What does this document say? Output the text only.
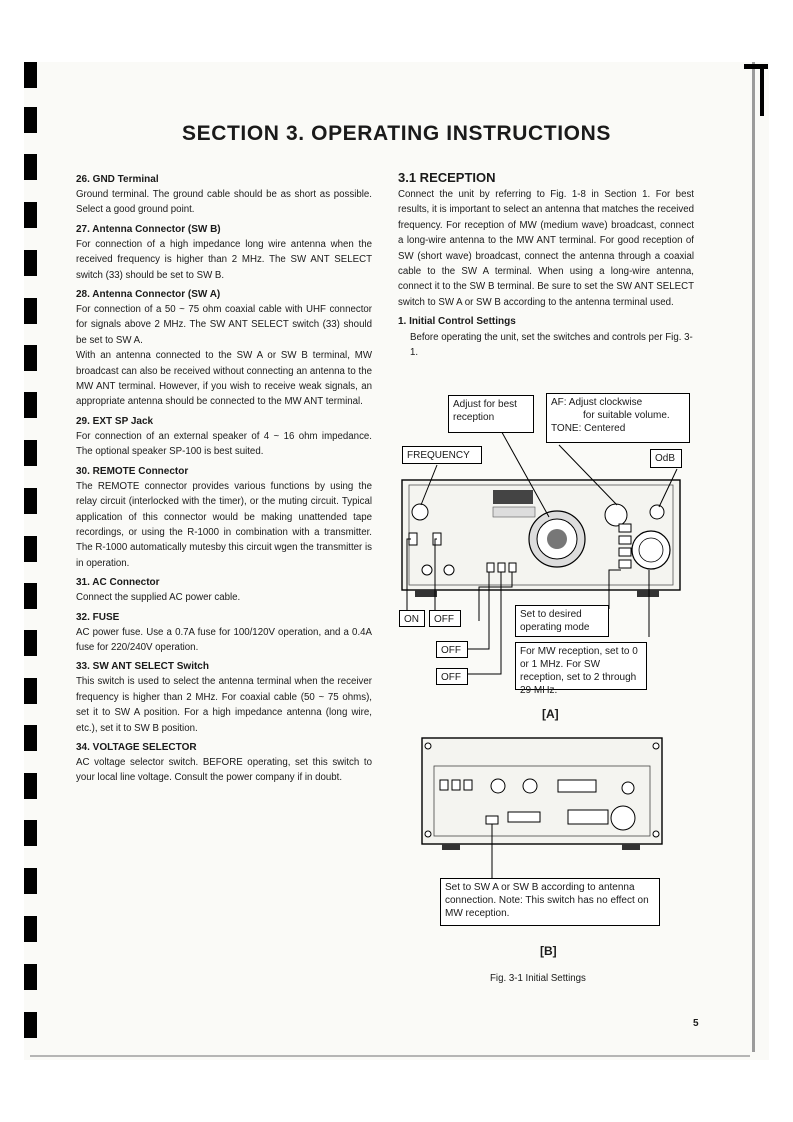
SECTION 3. OPERATING INSTRUCTIONS
26. GND Terminal

Ground terminal. The ground cable should be as short as possible. Select a good ground point.

27. Antenna Connector (SW B)

For connection of a high impedance long wire antenna when the received frequency is higher than 2 MHz. The SW ANT SELECT switch (33) should be set to SW B.

28. Antenna Connector (SW A)

For connection of a 50 ~ 75 ohm coaxial cable with UHF connector for signals above 2 MHz. The SW ANT SELECT switch (33) should be set to SW A.

With an antenna connected to the SW A or SW B terminal, MW broadcast can also be received without connecting an antenna to the MW ANT terminal. However, if you wish to receive weak signals, an appropriate antenna should be connected to the MW ANT terminal.

29. EXT SP Jack

For connection of an external speaker of 4 ~ 16 ohm impedance. The optional speaker SP-100 is best suited.

30. REMOTE Connector

The REMOTE connector provides various functions by using the relay circuit (interlocked with the timer), or the muting circuit. Typical application of this connector would be making unattended tape recordings, or using the R-1000 in combination with a transmitter. The R-1000 automatically mutesby this circuit wgen the transmitter is in operation.

31. AC Connector

Connect the supplied AC power cable.

32. FUSE

AC power fuse. Use a 0.7A fuse for 100/120V operation, and a 0.4A fuse for 220/240V operation.

33. SW ANT SELECT Switch

This switch is used to select the antenna terminal when the receiver frequency is higher than 2 MHz. For coaxial cable (50 ~ 75 ohms), set it to SW A position. For a high impedance antenna (long wire, etc.), set it to SW B position.

34. VOLTAGE SELECTOR

AC voltage selector switch. BEFORE operating, set this switch to your local line voltage. Consult the power company if in doubt.

3.1 RECEPTION

Connect the unit by referring to Fig. 1-8 in Section 1. For best results, it is important to select an antenna that matches the received frequency. For reception of MW (medium wave) broadcast, connect a long-wire antenna to the MW ANT terminal. For good reception of SW (short wave) broadcast, connect the antenna through a coaxial cable to the SW A terminal. When using a long-wire antenna, connect it to the SW B terminal. Be sure to set the SW ANT SELECT switch to SW A or SW B according to the antenna terminal used.

1. Initial Control Settings

Before operating the unit, set the switches and controls per Fig. 3-1.

Adjust for best reception
AF: Adjust clockwise
for suitable volume.
TONE: Centered
FREQUENCY	OdB
ON	OFF
OFF
OFF
Set to desired operating mode
For MW reception, set to 0 or 1 MHz. For SW reception, set to 2 through 29 MHz.
[A]
Set to SW A or SW B according to antenna connection. Note: This switch has no effect on MW reception.
[B]
Fig. 3-1 Initial Settings
5
